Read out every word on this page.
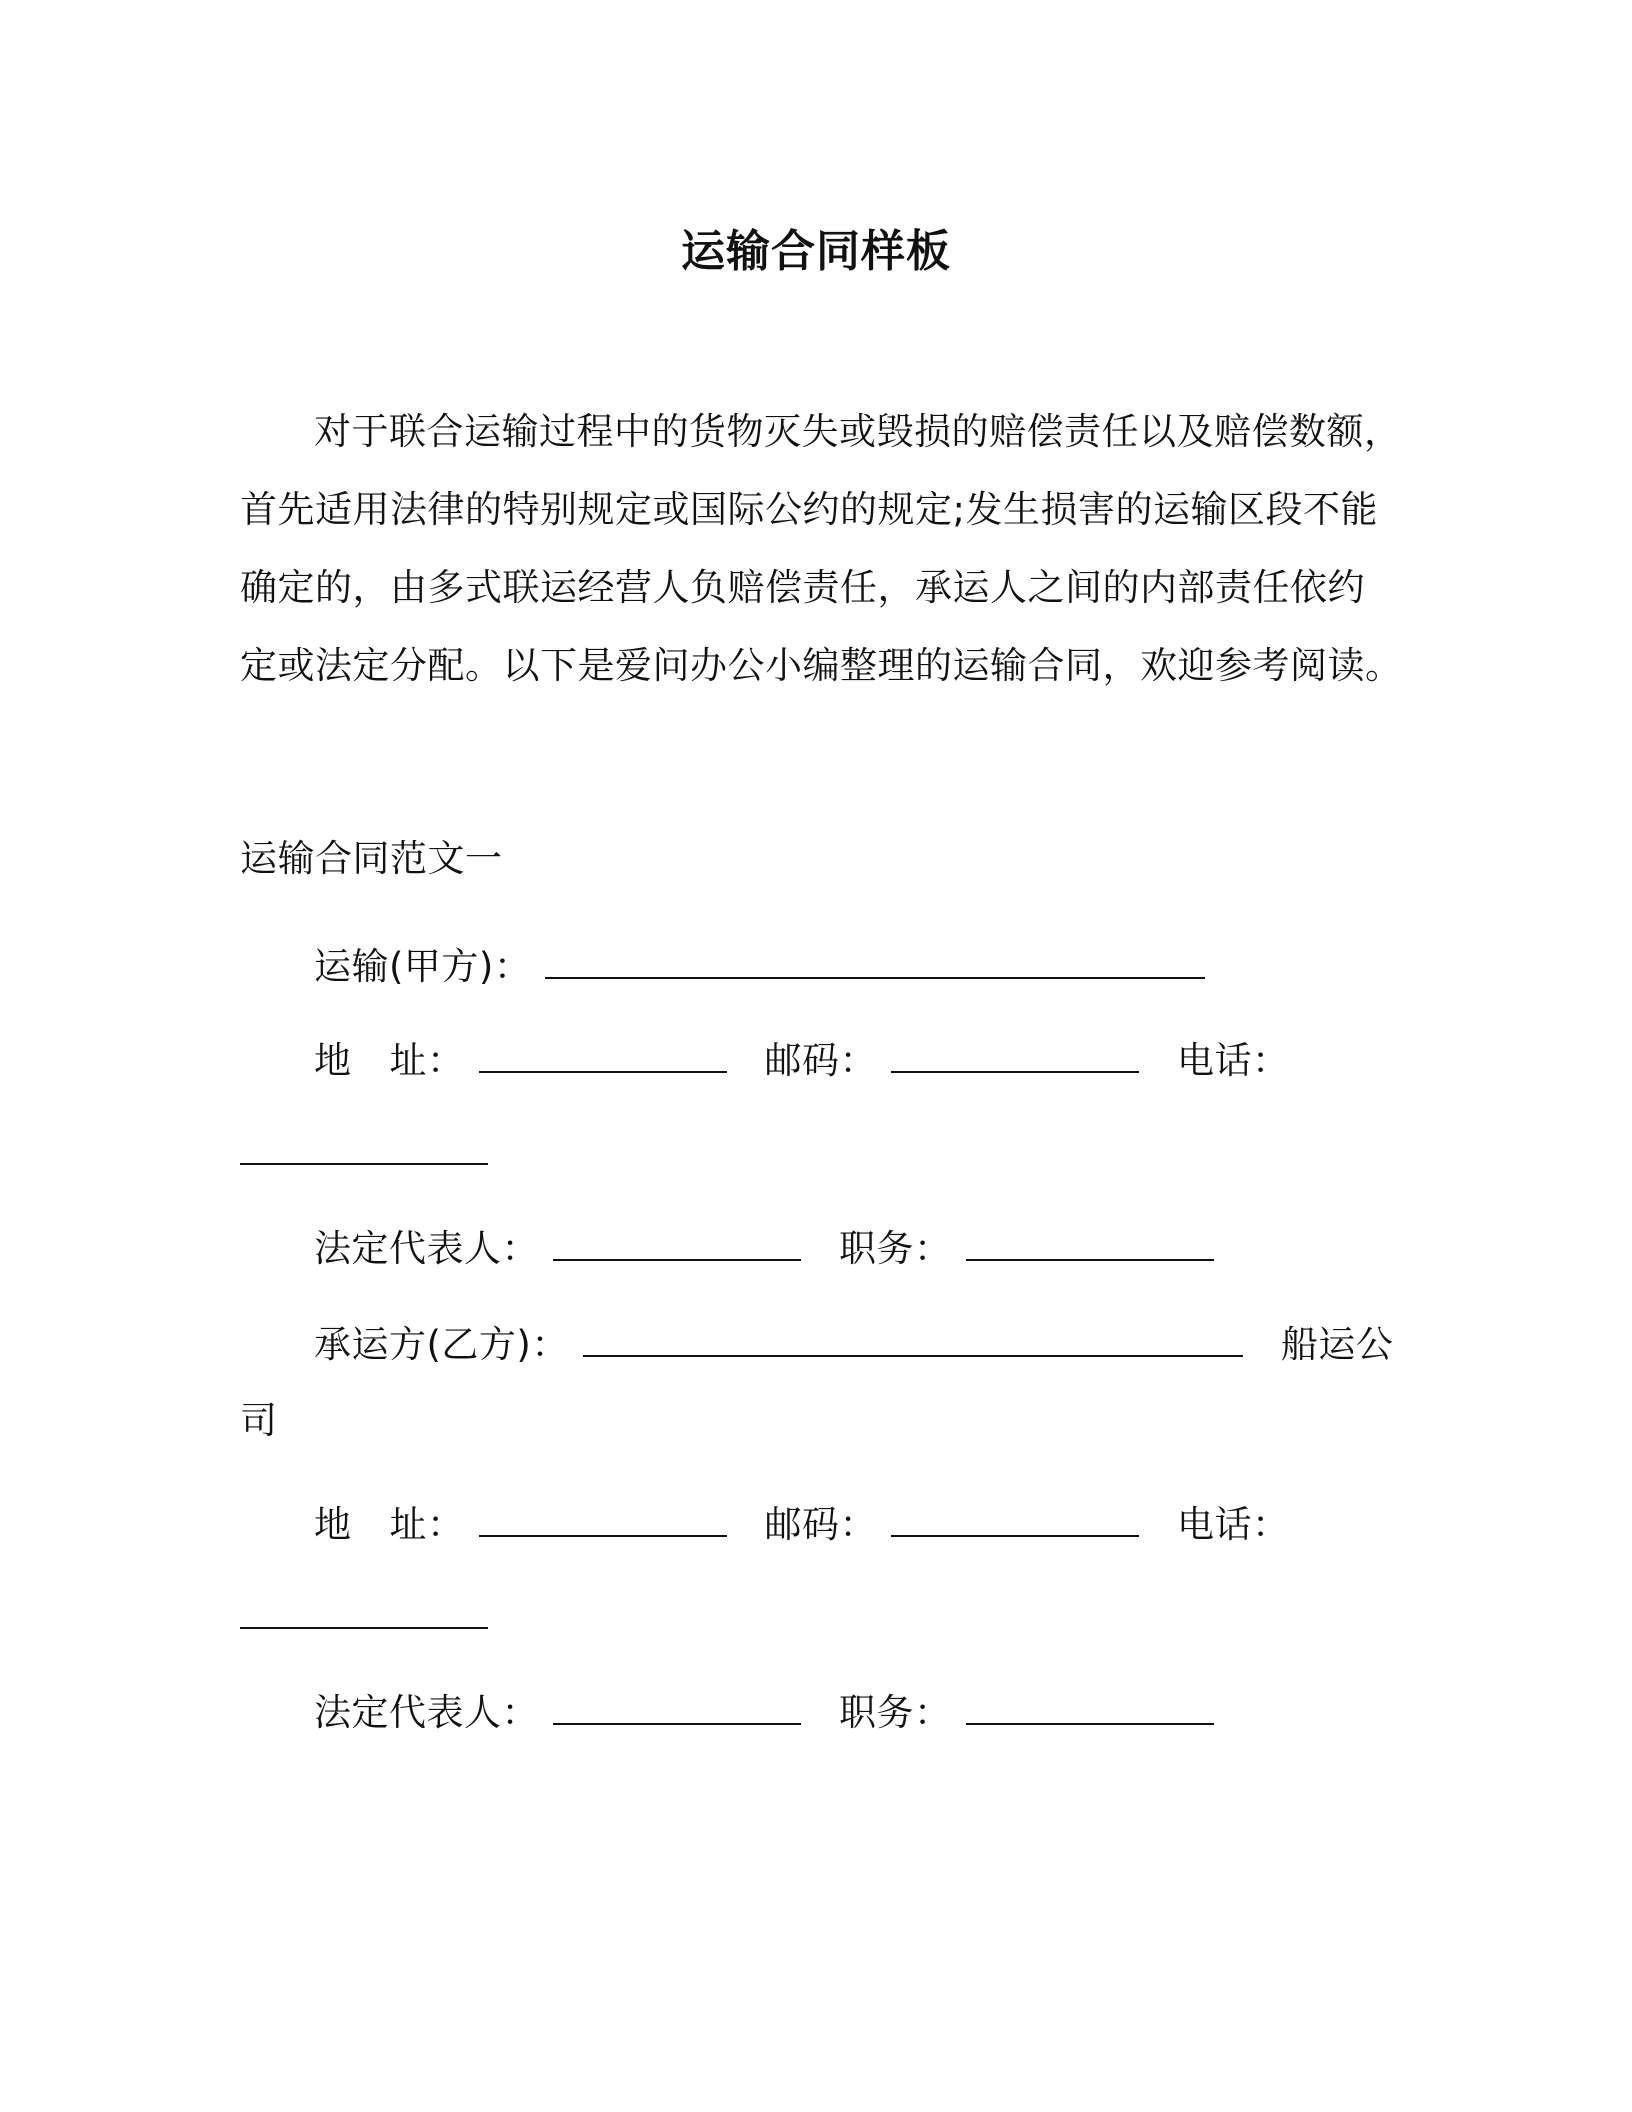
运输合同样板

对于联合运输过程中的货物灭失或毁损的赔偿责任以及赔偿数额，
首先适用法律的特别规定或国际公约的规定;发生损害的运输区段不能
确定的，由多式联运经营人负赔偿责任，承运人之间的内部责任依约
定或法定分配。以下是爱问办公小编整理的运输合同，欢迎参考阅读。

运输合同范文一
运输(甲方)：
地 址：	邮码：	电话：
法定代表人：	职务：
承运方(乙方)：	船运公
司
地 址：	邮码：	电话：
法定代表人：	职务：
